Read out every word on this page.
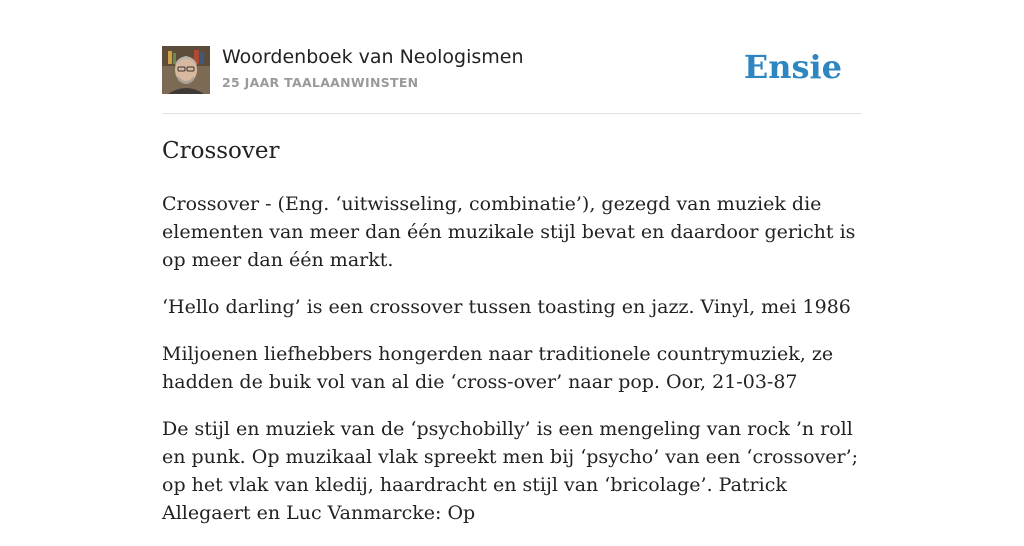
Woordenboek van Neologismen
25 JAAR TAALAANWINSTEN	Ensie
Crossover

Crossover - (Eng. ‘uitwisseling, combinatie’), gezegd van muziek die elementen van meer dan één muzikale stijl bevat en daardoor gericht is op meer dan één markt.

‘Hello darling’ is een crossover tussen toasting en jazz. Vinyl, mei 1986

Miljoenen liefhebbers hongerden naar traditionele countrymuziek, ze hadden de buik vol van al die ‘cross-over’ naar pop. Oor, 21-03-87

De stijl en muziek van de ‘psychobilly’ is een mengeling van rock ’n roll en punk. Op muzikaal vlak spreekt men bij ‘psycho’ van een ‘crossover’; op het vlak van kledij, haardracht en stijl van ‘bricolage’. Patrick Allegaert en Luc Vanmarcke: Op
